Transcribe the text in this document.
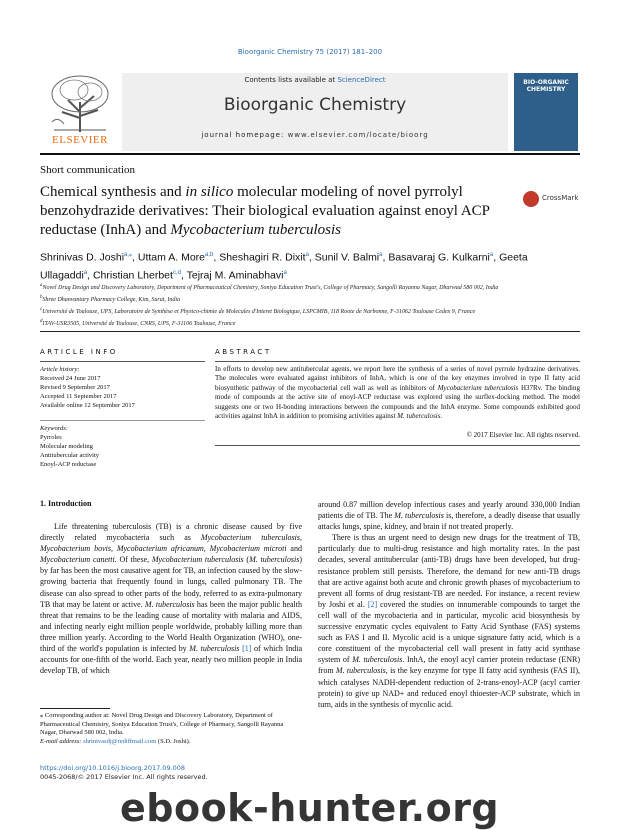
Bioorganic Chemistry 75 (2017) 181–200
ELSEVIER
Contents lists available at ScienceDirect
Bioorganic Chemistry
journal homepage: www.elsevier.com/locate/bioorg
BIO-ORGANIC CHEMISTRY
Short communication
Chemical synthesis and in silico molecular modeling of novel pyrrolyl benzohydrazide derivatives: Their biological evaluation against enoyl ACP reductase (InhA) and Mycobacterium tuberculosis
CrossMark
Shrinivas D. Joshi$^{a,⁎}$, Uttam A. More$^{a,b}$, Sheshagiri R. Dixit$^a$, Sunil V. Balmi$^a$, Basavaraj G. Kulkarni$^a$, Geeta Ullagaddi$^a$, Christian Lherbet$^{c,d}$, Tejraj M. Aminabhavi$^a$
$^a$Novel Drug Design and Discovery Laboratory, Department of Pharmaceutical Chemistry, Soniya Education Trust's, College of Pharmacy, Sangolli Rayanna Nagar, Dharwad 580 002, India
$^b$Shree Dhanvantary Pharmacy College, Kim, Surat, India
$^c$Université de Toulouse, UPS, Laboratoire de Synthèse et Physico-chimie de Molecules d'Interet Biologique, LSPCMIB, 118 Roote de Narbonne, F-31062 Toulouse Cedex 9, France
$^d$ITAV-USR3505, Université de Toulouse, CNRS, UPS, F-31106 Toulouse, France
ARTICLE INFO	ABSTRACT
Article history:
Received 24 June 2017
Revised 9 September 2017
Accepted 11 September 2017
Available online 12 September 2017
Keywords:
Pyrroles
Molecular modeling
Antitubercular activity
Enoyl-ACP reductase
In efforts to develop new antitubercular agents, we report here the synthesis of a series of novel pyrrole hydrazine derivatives. The molecules were evaluated against inhibitors of InhA, which is one of the key enzymes involved in type II fatty acid biosynthetic pathway of the mycobacterial cell wall as well as inhibitors of Mycobacterium tuberculosis H37Rv. The binding mode of compounds at the active site of enoyl-ACP reductase was explored using the surflex-docking method. The model suggests one or two H-bonding interactions between the compounds and the InhA enzyme. Some compounds exhibited good activities against InhA in addition to promising activities against M. tuberculosis.
© 2017 Elsevier Inc. All rights reserved.
1. Introduction

Life threatening tuberculosis (TB) is a chronic disease caused by five directly related mycobacteria such as Mycobacterium tuberculosis, Mycobacterium bovis, Mycobacterium africanum, Mycobacterium microti and Mycobacterium canetti. Of these, Mycobacterium tuberculosis (M. tuberculosis) by far has been the most causative agent for TB, an infection caused by the slow-growing bacteria that frequently found in lungs, called pulmonary TB. The disease can also spread to other parts of the body, referred to as extra-pulmonary TB that may be latent or active. M. tuberculosis has been the major public health threat that remains to be the leading cause of mortality with malaria and AIDS, and infecting nearly eight million people worldwide, probably killing more than three million yearly. According to the World Health Organization (WHO), one-third of the world's population is infected by M. tuberculosis [1] of which India accounts for one-fifth of the world. Each year, nearly two million people in India develop TB, of which

around 0.87 million develop infectious cases and yearly around 330,000 Indian patients die of TB. The M. tuberculosis is, therefore, a deadly disease that usually attacks lungs, spine, kidney, and brain if not treated properly.

There is thus an urgent need to design new drugs for the treatment of TB, particularly due to multi-drug resistance and high mortality rates. In the past decades, several antitubercular (anti-TB) drugs have been developed, but drug-resistance problem still persists. Therefore, the demand for new anti-TB drugs that are active against both acute and chronic growth phases of mycobacterium to prevent all forms of drug resistant-TB are needed. For instance, a recent review by Joshi et al. [2] covered the studies on innumerable compounds to target the cell wall of the mycobacteria and in particular, mycolic acid biosynthesis by successive enzymatic cycles equivalent to Fatty Acid Synthase (FAS) systems such as FAS I and II. Mycolic acid is a unique signature fatty acid, which is a core constituent of the mycobacterial cell wall present in fatty acid synthase system of M. tuberculosis. InhA, the enoyl acyl carrier protein reductase (ENR) from M. tuberculosis, is the key enzyme for type II fatty acid synthesis (FAS II), which catalyses NADH-dependent reduction of 2-trans-enoyl-ACP (acyl carrier protein) to give up NAD+ and reduced enoyl thioester-ACP substrate, which in turn, aids in the synthesis of mycolic acid.

⁎ Corresponding author at: Novel Drug Design and Discovery Laboratory, Department of Pharmaceutical Chemistry, Soniya Education Trust's, College of Pharmacy, Sangolli Rayanna Nagar, Dharwad 580 002, India.
E-mail address: shrinivasdj@rediffmail.com (S.D. Joshi).
https://doi.org/10.1016/j.bioorg.2017.09.008
0045-2068/© 2017 Elsevier Inc. All rights reserved.
ebook-hunter.org
